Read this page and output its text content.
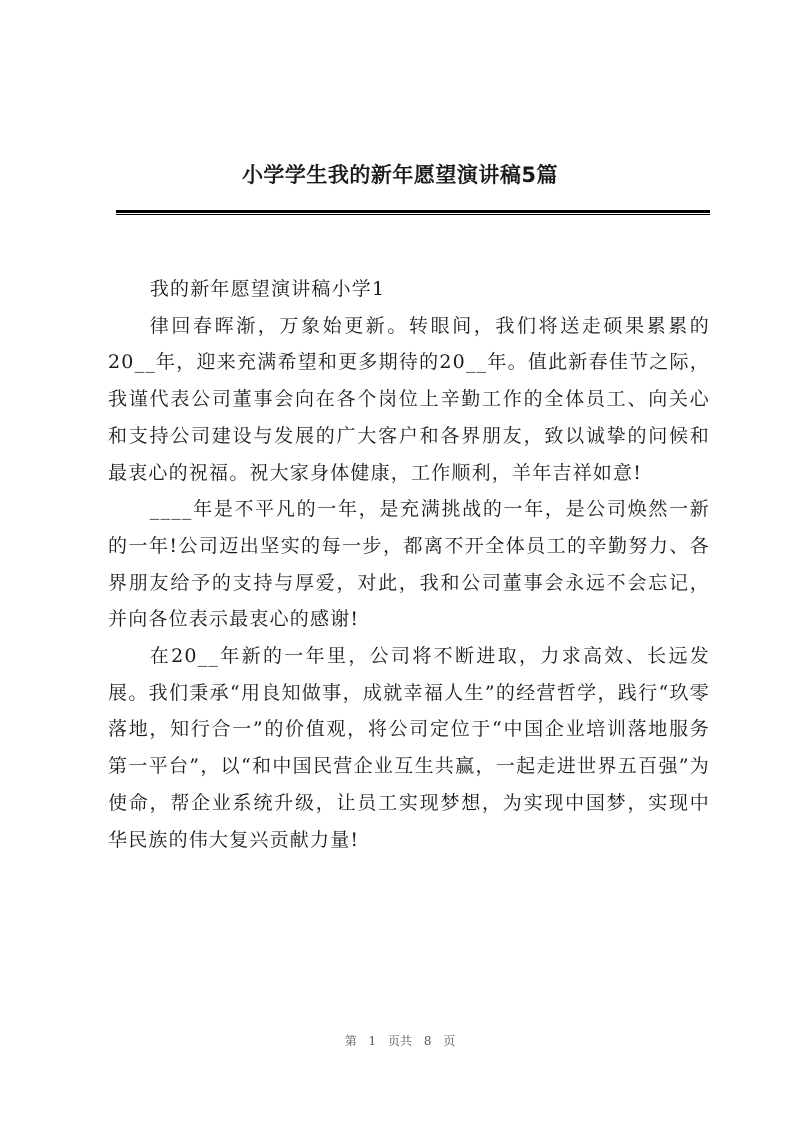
小学学生我的新年愿望演讲稿5篇

我的新年愿望演讲稿小学1

律回春晖渐，万象始更新。转眼间，我们将送走硕果累累的20__年，迎来充满希望和更多期待的20__年。值此新春佳节之际，我谨代表公司董事会向在各个岗位上辛勤工作的全体员工、向关心和支持公司建设与发展的广大客户和各界朋友，致以诚挚的问候和最衷心的祝福。祝大家身体健康，工作顺利，羊年吉祥如意!

____年是不平凡的一年，是充满挑战的一年，是公司焕然一新的一年!公司迈出坚实的每一步，都离不开全体员工的辛勤努力、各界朋友给予的支持与厚爱，对此，我和公司董事会永远不会忘记，并向各位表示最衷心的感谢!

在20__年新的一年里，公司将不断进取，力求高效、长远发展。我们秉承“用良知做事，成就幸福人生”的经营哲学，践行“玖零落地，知行合一”的价值观，将公司定位于“中国企业培训落地服务第一平台”，以“和中国民营企业互生共赢，一起走进世界五百强”为使命，帮企业系统升级，让员工实现梦想，为实现中国梦，实现中华民族的伟大复兴贡献力量!

第 1 页共 8 页
